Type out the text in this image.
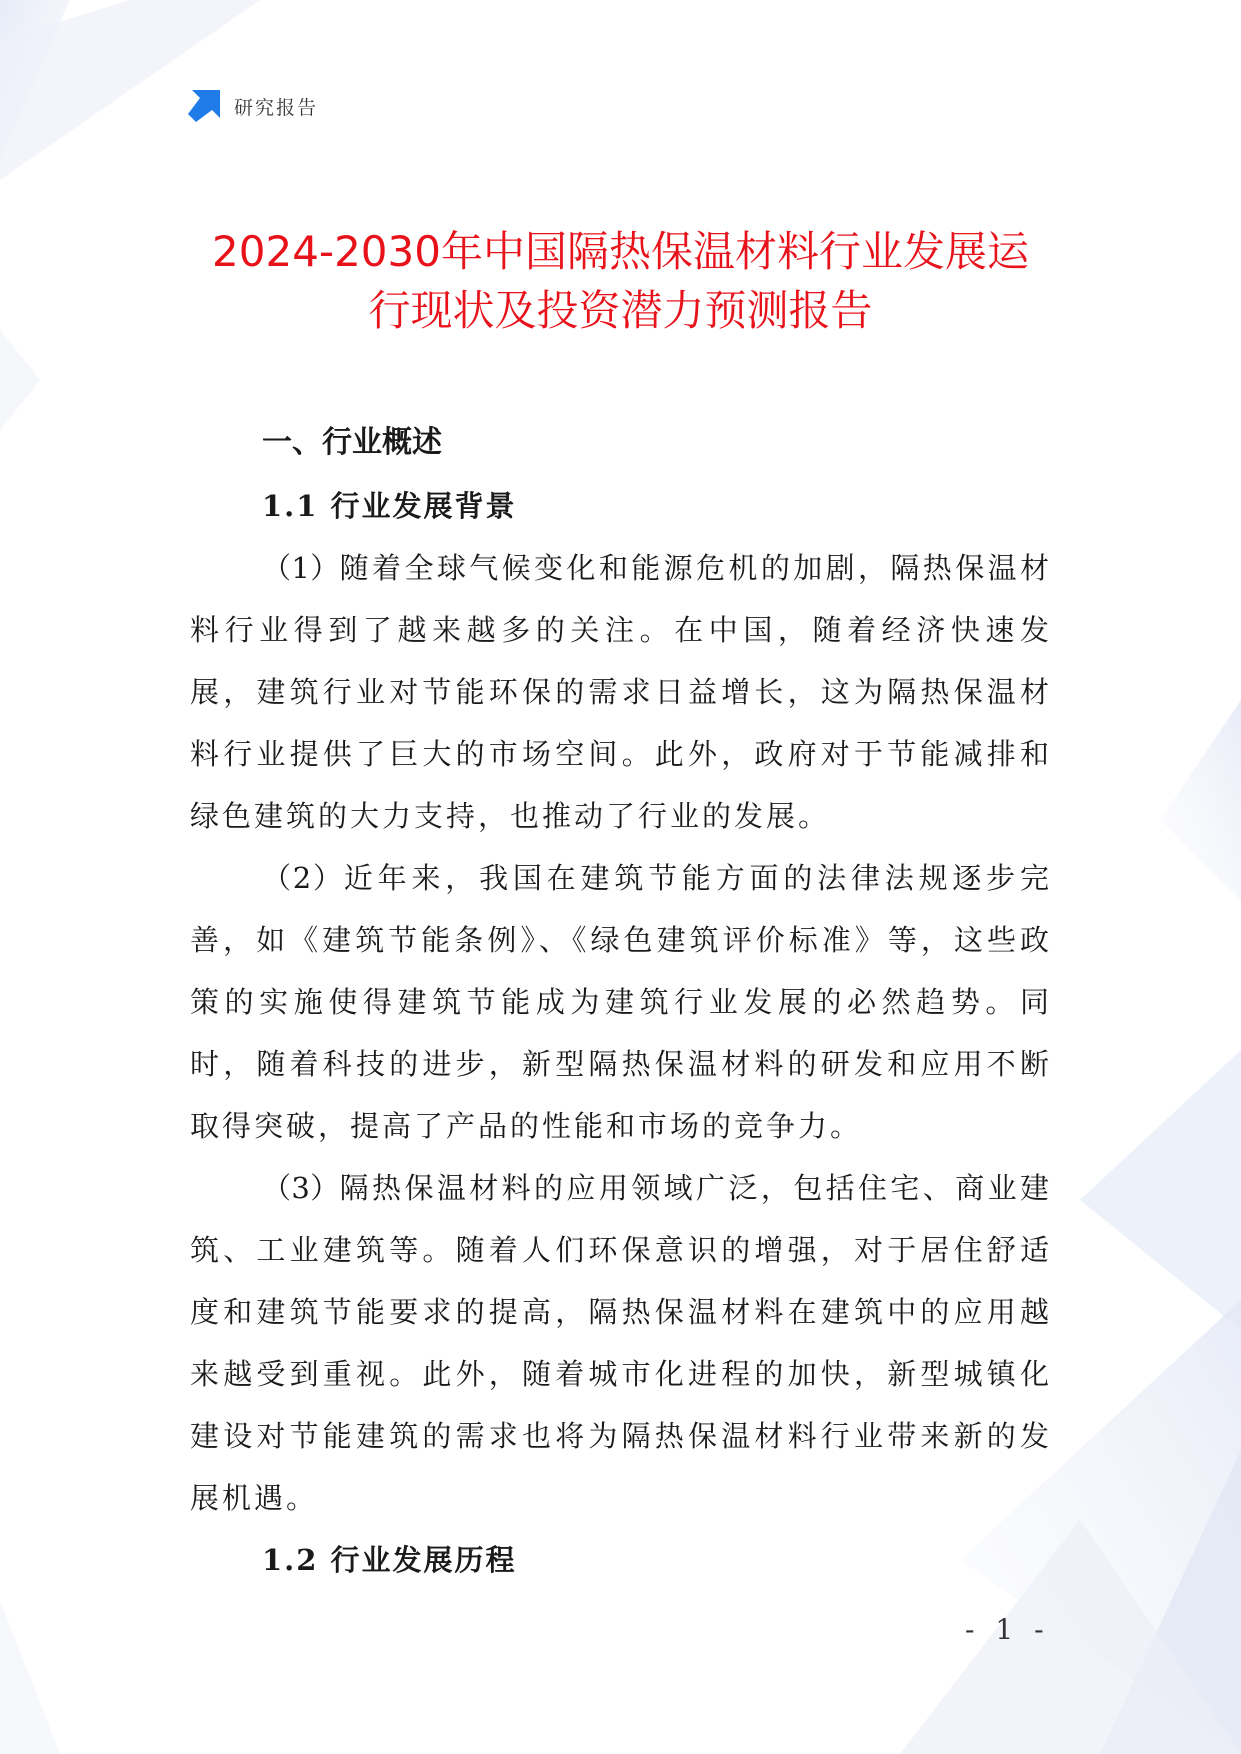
研究报告
2024-2030年中国隔热保温材料行业发展运
行现状及投资潜力预测报告
一、行业概述
1.1 行业发展背景

（1）随着全球气候变化和能源危机的加剧，隔热保温材料行业得到了越来越多的关注。在中国，随着经济快速发展，建筑行业对节能环保的需求日益增长，这为隔热保温材料行业提供了巨大的市场空间。此外，政府对于节能减排和绿色建筑的大力支持，也推动了行业的发展。

（2）近年来，我国在建筑节能方面的法律法规逐步完善，如《建筑节能条例》、《绿色建筑评价标准》等，这些政策的实施使得建筑节能成为建筑行业发展的必然趋势。同时，随着科技的进步，新型隔热保温材料的研发和应用不断取得突破，提高了产品的性能和市场的竞争力。

（3）隔热保温材料的应用领域广泛，包括住宅、商业建筑、工业建筑等。随着人们环保意识的增强，对于居住舒适度和建筑节能要求的提高，隔热保温材料在建筑中的应用越来越受到重视。此外，随着城市化进程的加快，新型城镇化建设对节能建筑的需求也将为隔热保温材料行业带来新的发展机遇。

1.2 行业发展历程
- 1 -
